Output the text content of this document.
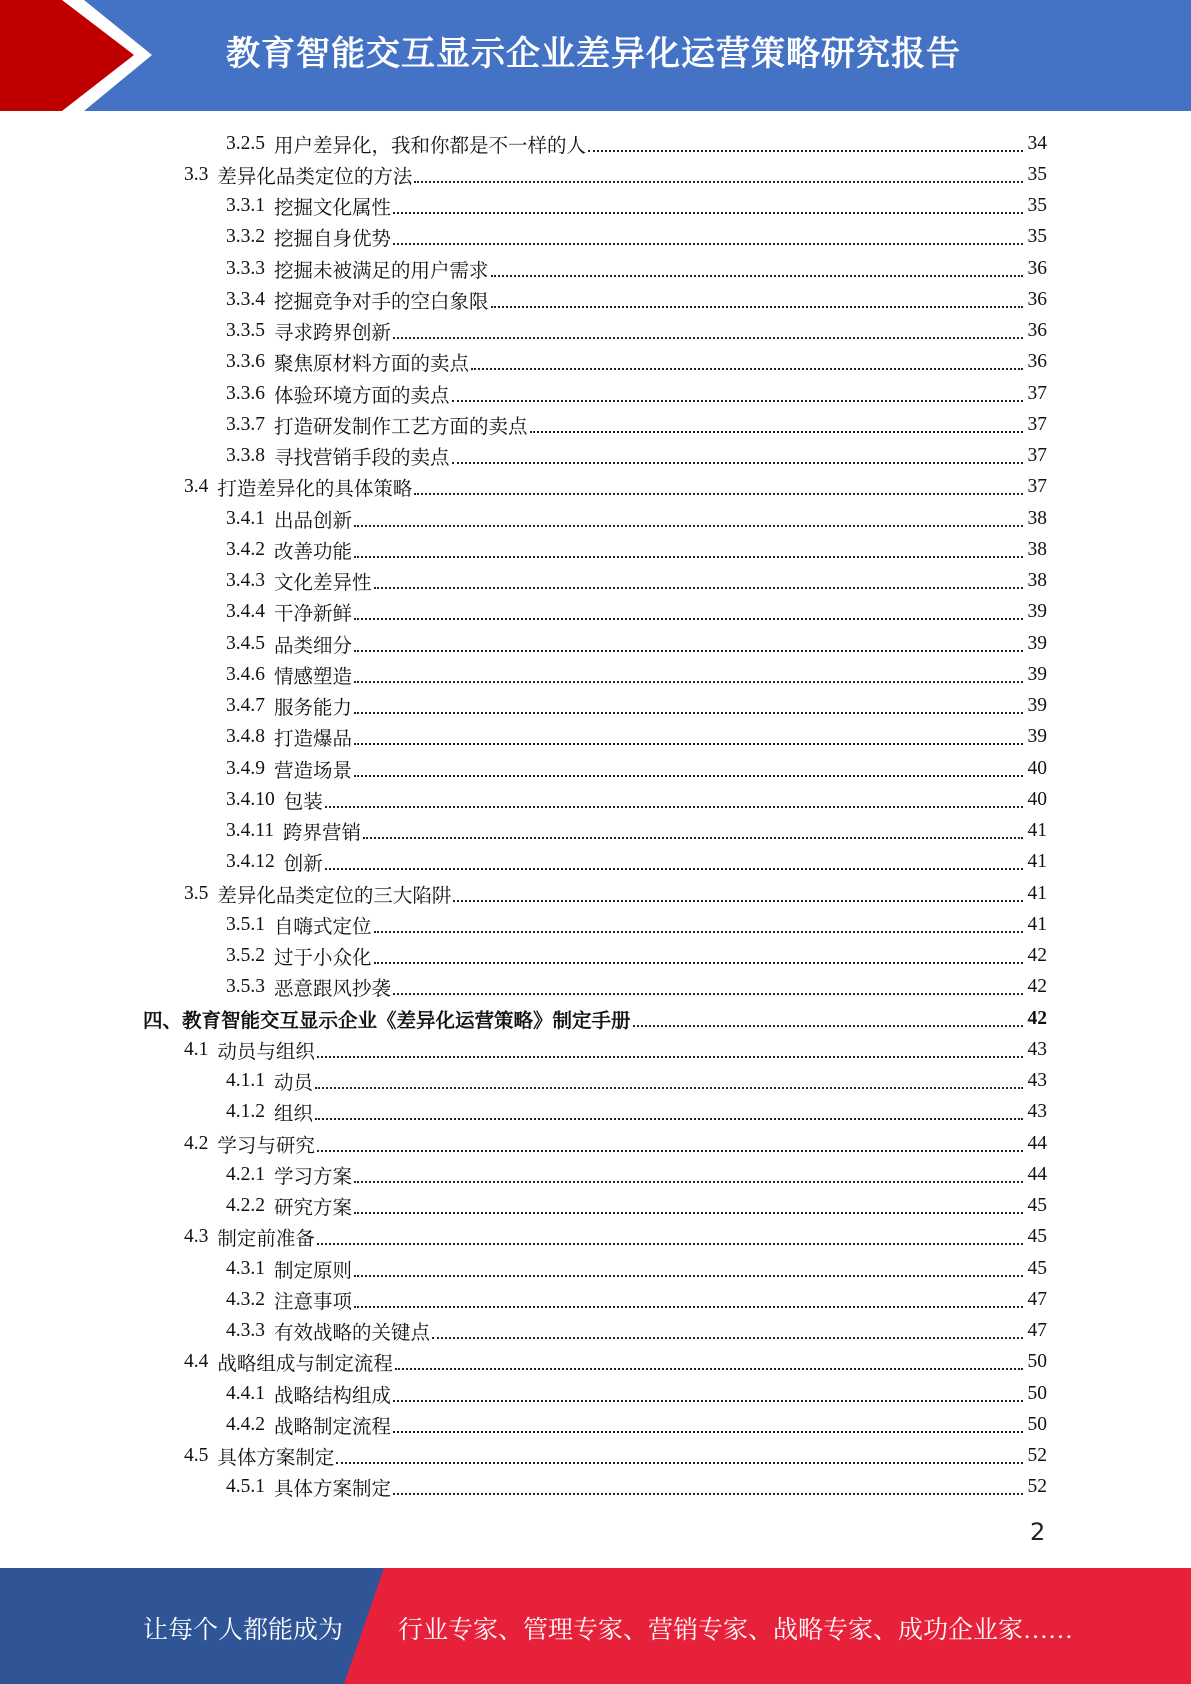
教育智能交互显示企业差异化运营策略研究报告
3.2.5 用户差异化，我和你都是不一样的人	34
3.3 差异化品类定位的方法	35
3.3.1 挖掘文化属性	35
3.3.2 挖掘自身优势	35
3.3.3 挖掘未被满足的用户需求	36
3.3.4 挖掘竞争对手的空白象限	36
3.3.5 寻求跨界创新	36
3.3.6 聚焦原材料方面的卖点	36
3.3.6 体验环境方面的卖点	37
3.3.7 打造研发制作工艺方面的卖点	37
3.3.8 寻找营销手段的卖点	37
3.4 打造差异化的具体策略	37
3.4.1 出品创新	38
3.4.2 改善功能	38
3.4.3 文化差异性	38
3.4.4 干净新鲜	39
3.4.5 品类细分	39
3.4.6 情感塑造	39
3.4.7 服务能力	39
3.4.8 打造爆品	39
3.4.9 营造场景	40
3.4.10 包装	40
3.4.11 跨界营销	41
3.4.12 创新	41
3.5 差异化品类定位的三大陷阱	41
3.5.1 自嗨式定位	41
3.5.2 过于小众化	42
3.5.3 恶意跟风抄袭	42
四、教育智能交互显示企业《差异化运营策略》制定手册	42
4.1 动员与组织	43
4.1.1 动员	43
4.1.2 组织	43
4.2 学习与研究	44
4.2.1 学习方案	44
4.2.2 研究方案	45
4.3 制定前准备	45
4.3.1 制定原则	45
4.3.2 注意事项	47
4.3.3 有效战略的关键点	47
4.4 战略组成与制定流程	50
4.4.1 战略结构组成	50
4.4.2 战略制定流程	50
4.5 具体方案制定	52
4.5.1 具体方案制定	52
2
让每个人都能成为 行业专家、管理专家、营销专家、战略专家、成功企业家……
